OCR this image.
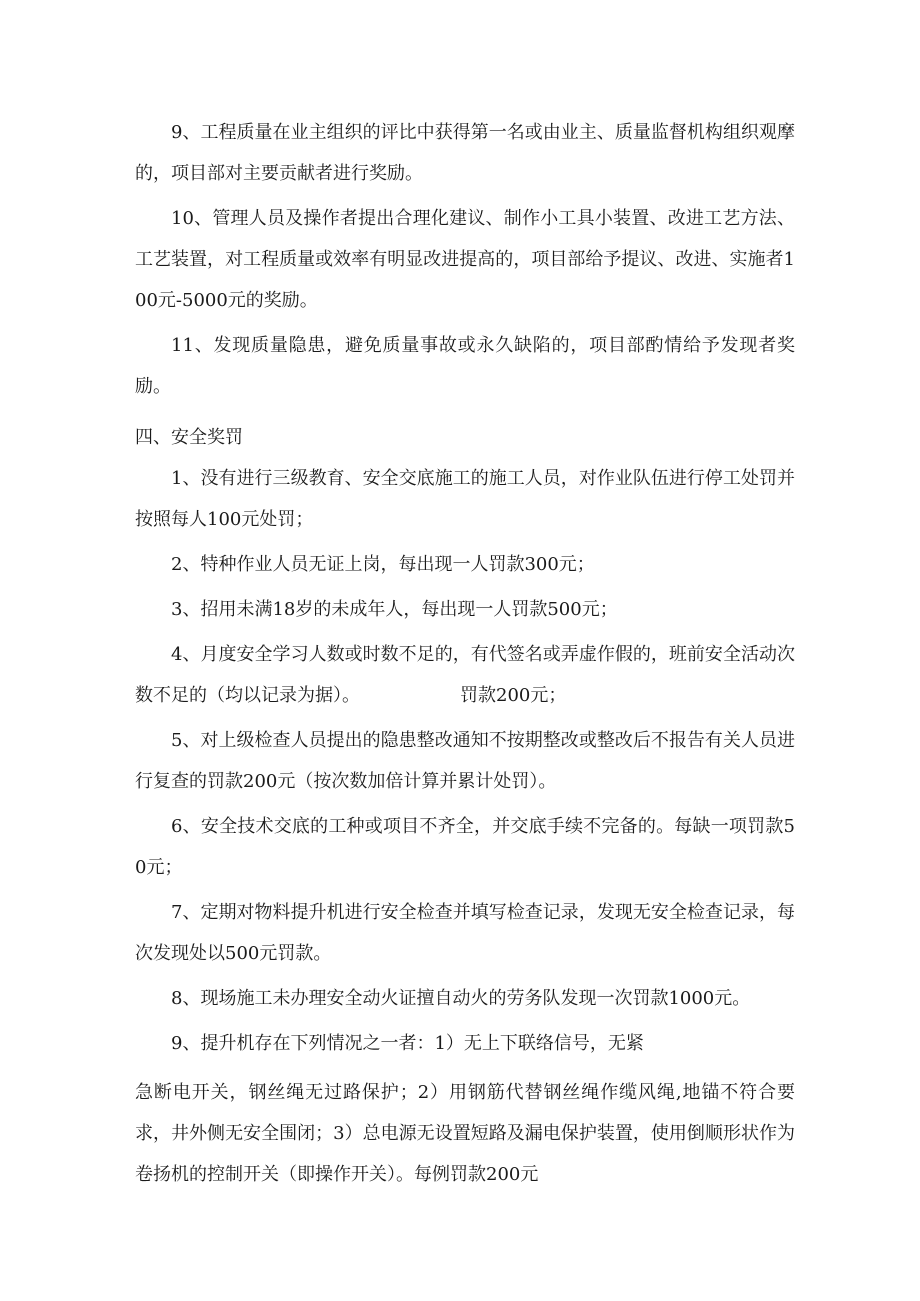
9、工程质量在业主组织的评比中获得第一名或由业主、质量监督机构组织观摩的，项目部对主要贡献者进行奖励。

10、管理人员及操作者提出合理化建议、制作小工具小装置、改进工艺方法、工艺装置，对工程质量或效率有明显改进提高的，项目部给予提议、改进、实施者100元-5000元的奖励。

11、发现质量隐患，避免质量事故或永久缺陷的，项目部酌情给予发现者奖励。

四、安全奖罚

1、没有进行三级教育、安全交底施工的施工人员，对作业队伍进行停工处罚并按照每人100元处罚；

2、特种作业人员无证上岗，每出现一人罚款300元；

3、招用未满18岁的未成年人，每出现一人罚款500元；

4、月度安全学习人数或时数不足的，有代签名或弄虚作假的，班前安全活动次数不足的（均以记录为据）。	罚款200元；

5、对上级检查人员提出的隐患整改通知不按期整改或整改后不报告有关人员进行复查的罚款200元（按次数加倍计算并累计处罚）。

6、安全技术交底的工种或项目不齐全，并交底手续不完备的。每缺一项罚款50元；

7、定期对物料提升机进行安全检查并填写检查记录，发现无安全检查记录，每次发现处以500元罚款。

8、现场施工未办理安全动火证擅自动火的劳务队发现一次罚款1000元。

9、提升机存在下列情况之一者：1）无上下联络信号，无紧

急断电开关，钢丝绳无过路保护；2）用钢筋代替钢丝绳作缆风绳,地锚不符合要求，井外侧无安全围闭；3）总电源无设置短路及漏电保护装置，使用倒顺形状作为卷扬机的控制开关（即操作开关）。每例罚款200元
